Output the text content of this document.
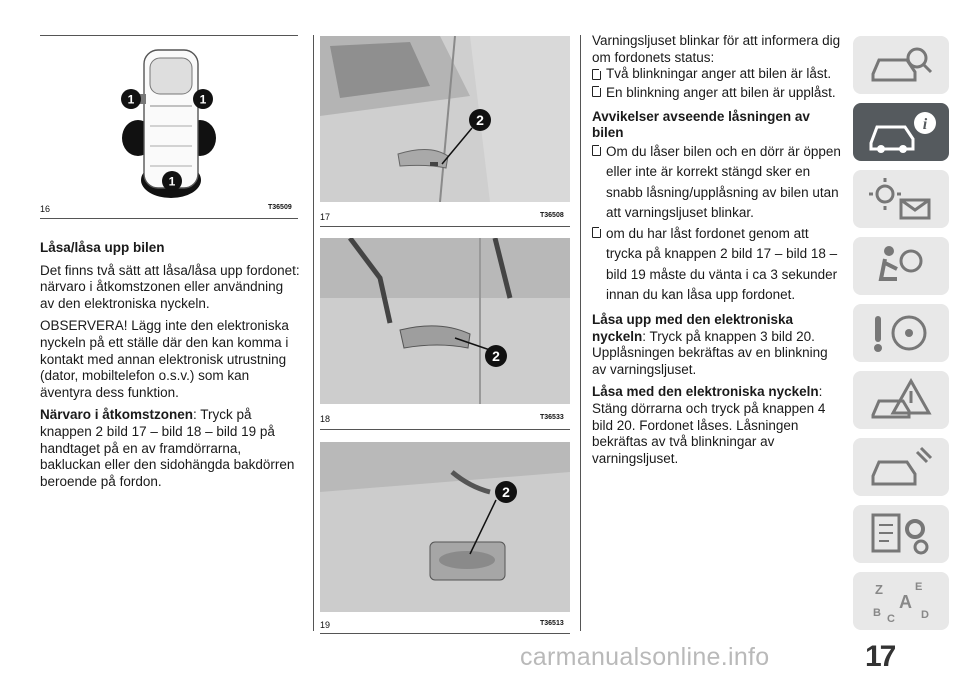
1	1
1
16	T36509

Låsa/låsa upp bilen

Det finns två sätt att låsa/låsa upp fordonet: närvaro i åtkomstzonen eller användning av den elektroniska nyckeln.

OBSERVERA! Lägg inte den elektroniska nyckeln på ett ställe där den kan komma i kontakt med annan elektronisk utrustning (dator, mobiltelefon o.s.v.) som kan äventyra dess funktion.

Närvaro i åtkomstzonen: Tryck på knappen 2 bild 17 – bild 18 – bild 19 på handtaget på en av framdörrarna, bakluckan eller den sidohängda bakdörren beroende på fordon.

2
17	T36508
2
18	T36533
2
19	T36513

Varningsljuset blinkar för att informera dig om fordonets status:

Två blinkningar anger att bilen är låst.

En blinkning anger att bilen är upplåst.

Avvikelser avseende låsningen av bilen

Om du låser bilen och en dörr är öppen eller inte är korrekt stängd sker en snabb låsning/upplåsning av bilen utan att varningsljuset blinkar.

om du har låst fordonet genom att trycka på knappen 2 bild 17 – bild 18 – bild 19 måste du vänta i ca 3 sekunder innan du kan låsa upp fordonet.

Låsa upp med den elektroniska nyckeln: Tryck på knappen 3 bild 20. Upplåsningen bekräftas av en blinkning av varningsljuset.

Låsa med den elektroniska nyckeln: Stäng dörrarna och tryck på knappen 4 bild 20. Fordonet låses. Låsningen bekräftas av två blinkningar av varningsljuset.

i
Z	E
A
B C D
carmanualsonline.info	17
